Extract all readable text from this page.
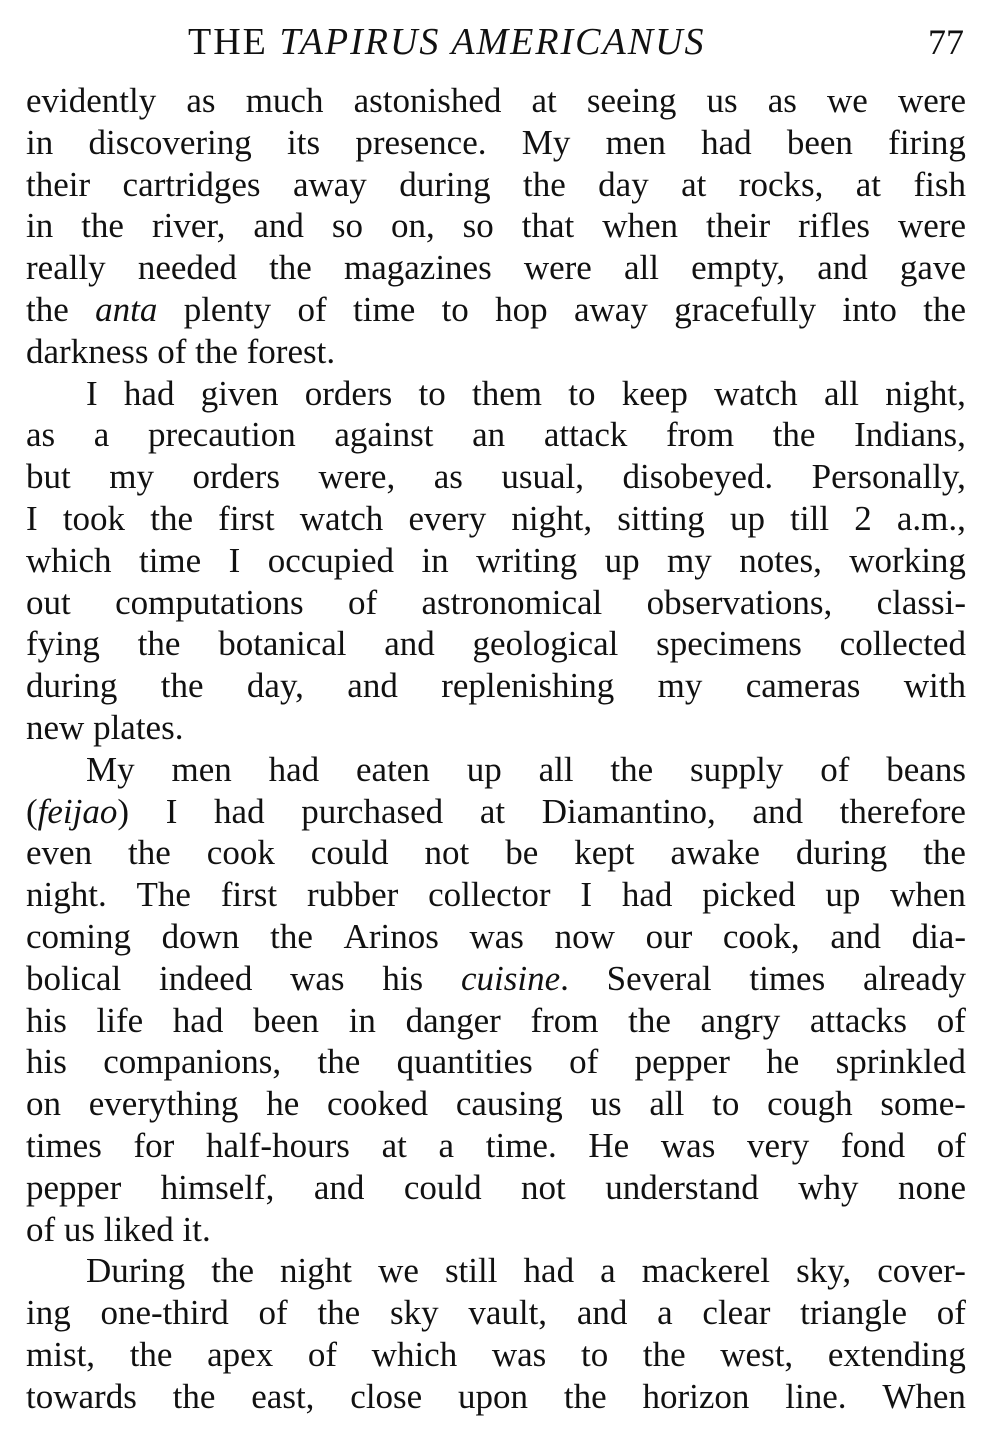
THE TAPIRUS AMERICANUS	77
evidently as much astonished at seeing us as we were
in discovering its presence. My men had been firing
their cartridges away during the day at rocks, at fish
in the river, and so on, so that when their rifles were
really needed the magazines were all empty, and gave
the anta plenty of time to hop away gracefully into the
darkness
of
the
forest.
I had given orders to them to keep watch all night,
as a precaution against an attack from the Indians,
but my orders were, as usual, disobeyed. Personally,
I took the first watch every night, sitting up till 2 a.m.,
which time I occupied in writing up my notes, working
out computations of astronomical observations, classi-
fying the botanical and geological specimens collected
during the day, and replenishing my cameras with
new
plates.
My men had eaten up all the supply of beans
(feijao) I had purchased at Diamantino, and therefore
even the cook could not be kept awake during the
night. The first rubber collector I had picked up when
coming down the Arinos was now our cook, and dia-
bolical indeed was his cuisine. Several times already
his life had been in danger from the angry attacks of
his companions, the quantities of pepper he sprinkled
on everything he cooked causing us all to cough some-
times for half-hours at a time. He was very fond of
pepper himself, and could not understand why none
of
us
liked
it.
During the night we still had a mackerel sky, cover-
ing one-third of the sky vault, and a clear triangle of
mist, the apex of which was to the west, extending
towards the east, close upon the horizon line. When
